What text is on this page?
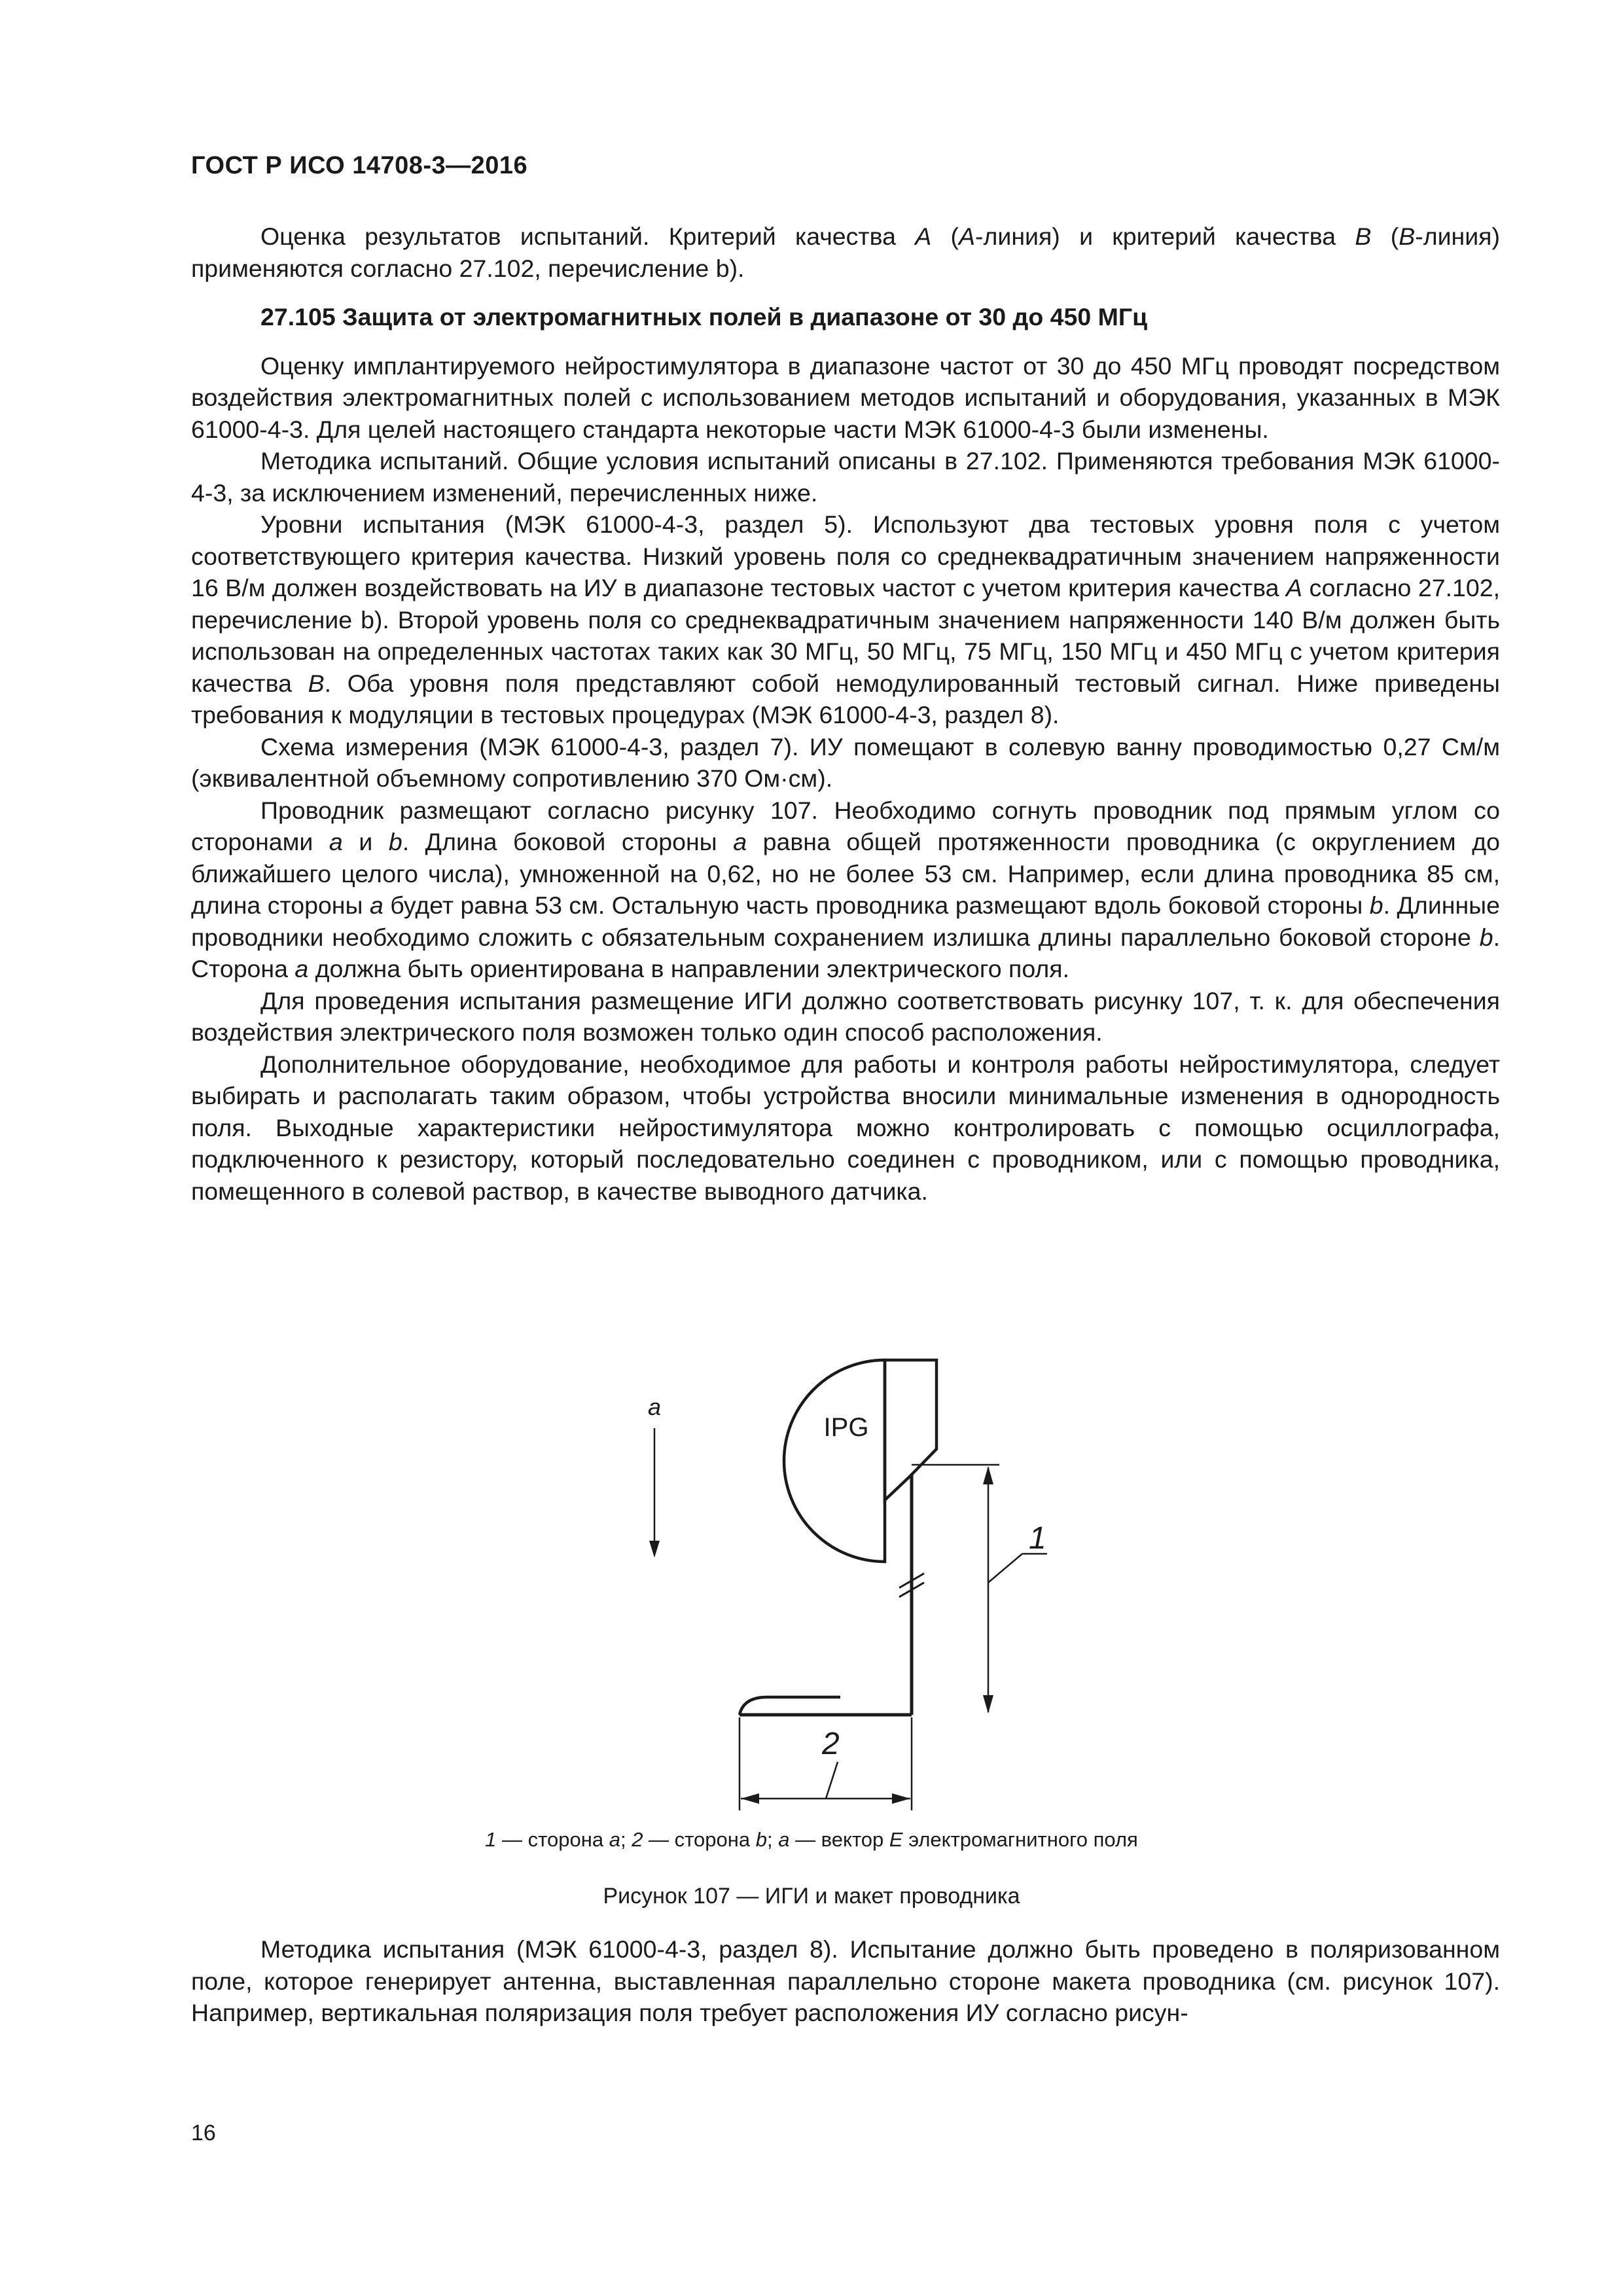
ГОСТ Р ИСО 14708-3—2016

Оценка результатов испытаний. Критерий качества A (A-линия) и критерий качества B (B-линия) применяются согласно 27.102, перечисление b).

27.105 Защита от электромагнитных полей в диапазоне от 30 до 450 МГц

Оценку имплантируемого нейростимулятора в диапазоне частот от 30 до 450 МГц проводят посредством воздействия электромагнитных полей с использованием методов испытаний и оборудования, указанных в МЭК 61000-4-3. Для целей настоящего стандарта некоторые части МЭК 61000-4-3 были изменены.

Методика испытаний. Общие условия испытаний описаны в 27.102. Применяются требования МЭК 61000-4-3, за исключением изменений, перечисленных ниже.

Уровни испытания (МЭК 61000-4-3, раздел 5). Используют два тестовых уровня поля с учетом соответствующего критерия качества. Низкий уровень поля со среднеквадратичным значением напряженности 16 В/м должен воздействовать на ИУ в диапазоне тестовых частот с учетом критерия качества A согласно 27.102, перечисление b). Второй уровень поля со среднеквадратичным значением напряженности 140 В/м должен быть использован на определенных частотах таких как 30 МГц, 50 МГц, 75 МГц, 150 МГц и 450 МГц с учетом критерия качества B. Оба уровня поля представляют собой немодулированный тестовый сигнал. Ниже приведены требования к модуляции в тестовых процедурах (МЭК 61000-4-3, раздел 8).

Схема измерения (МЭК 61000-4-3, раздел 7). ИУ помещают в солевую ванну проводимостью 0,27 См/м (эквивалентной объемному сопротивлению 370 Ом·см).

Проводник размещают согласно рисунку 107. Необходимо согнуть проводник под прямым углом со сторонами a и b. Длина боковой стороны a равна общей протяженности проводника (с округлением до ближайшего целого числа), умноженной на 0,62, но не более 53 см. Например, если длина проводника 85 см, длина стороны a будет равна 53 см. Остальную часть проводника размещают вдоль боковой стороны b. Длинные проводники необходимо сложить с обязательным сохранением излишка длины параллельно боковой стороне b. Сторона a должна быть ориентирована в направлении электрического поля.

Для проведения испытания размещение ИГИ должно соответствовать рисунку 107, т. к. для обеспечения воздействия электрического поля возможен только один способ расположения.

Дополнительное оборудование, необходимое для работы и контроля работы нейростимулятора, следует выбирать и располагать таким образом, чтобы устройства вносили минимальные изменения в однородность поля. Выходные характеристики нейростимулятора можно контролировать с помощью осциллографа, подключенного к резистору, который последовательно соединен с проводником, или с помощью проводника, помещенного в солевой раствор, в качестве выводного датчика.

IPG
1
2
a
1 — сторона a; 2 — сторона b; a — вектор E электромагнитного поля
Рисунок 107 — ИГИ и макет проводника

Методика испытания (МЭК 61000-4-3, раздел 8). Испытание должно быть проведено в поляризованном поле, которое генерирует антенна, выставленная параллельно стороне макета проводника (см. рисунок 107). Например, вертикальная поляризация поля требует расположения ИУ согласно рисун-

16
